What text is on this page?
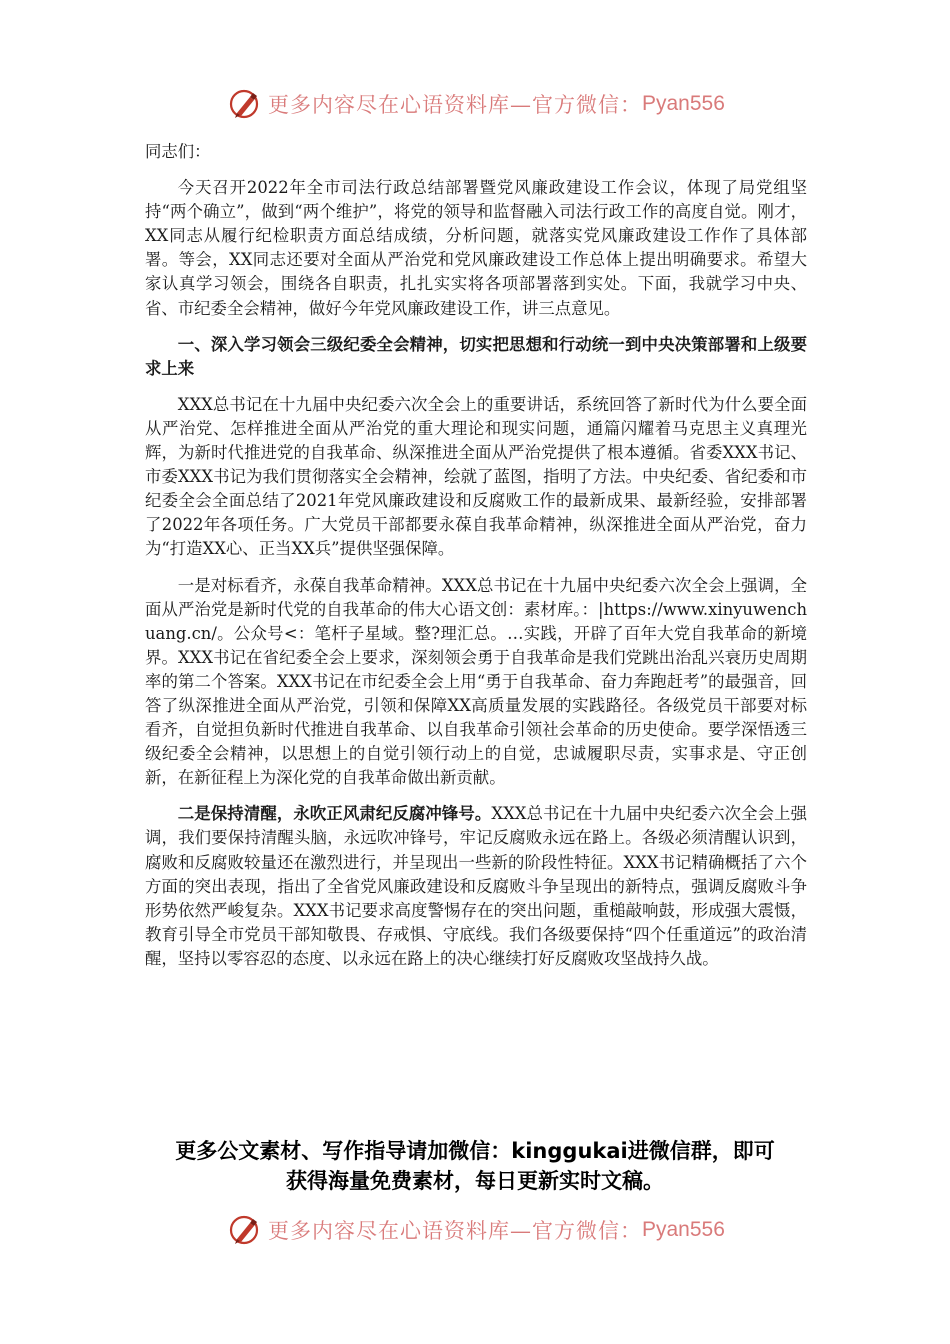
更多内容尽在心语资料库—官方微信： Pyan556

同志们：

今天召开2022年全市司法行政总结部署暨党风廉政建设工作会议，体现了局党组坚持“两个确立”，做到“两个维护”，将党的领导和监督融入司法行政工作的高度自觉。刚才，XX同志从履行纪检职责方面总结成绩，分析问题，就落实党风廉政建设工作作了具体部署。等会，XX同志还要对全面从严治党和党风廉政建设工作总体上提出明确要求。希望大家认真学习领会，围绕各自职责，扎扎实实将各项部署落到实处。下面，我就学习中央、省、市纪委全会精神，做好今年党风廉政建设工作，讲三点意见。

一、深入学习领会三级纪委全会精神，切实把思想和行动统一到中央决策部署和上级要求上来

XXX总书记在十九届中央纪委六次全会上的重要讲话，系统回答了新时代为什么要全面从严治党、怎样推进全面从严治党的重大理论和现实问题，通篇闪耀着马克思主义真理光辉，为新时代推进党的自我革命、纵深推进全面从严治党提供了根本遵循。省委XXX书记、市委XXX书记为我们贯彻落实全会精神，绘就了蓝图，指明了方法。中央纪委、省纪委和市纪委全会全面总结了2021年党风廉政建设和反腐败工作的最新成果、最新经验，安排部署了2022年各项任务。广大党员干部都要永葆自我革命精神，纵深推进全面从严治党，奋力为“打造XX心、正当XX兵”提供坚强保障。

一是对标看齐，永葆自我革命精神。XXX总书记在十九届中央纪委六次全会上强调，全面从严治党是新时代党的自我革命的伟大心语文创：素材库。：|https://www.xinyuwenchuang.cn/。公众号<：笔杆子星域。整?理汇总。…实践，开辟了百年大党自我革命的新境界。XXX书记在省纪委全会上要求，深刻领会勇于自我革命是我们党跳出治乱兴衰历史周期率的第二个答案。XXX书记在市纪委全会上用“勇于自我革命、奋力奔跑赶考”的最强音，回答了纵深推进全面从严治党，引领和保障XX高质量发展的实践路径。各级党员干部要对标看齐，自觉担负新时代推进自我革命、以自我革命引领社会革命的历史使命。要学深悟透三级纪委全会精神，以思想上的自觉引领行动上的自觉，忠诚履职尽责，实事求是、守正创新，在新征程上为深化党的自我革命做出新贡献。

二是保持清醒，永吹正风肃纪反腐冲锋号。XXX总书记在十九届中央纪委六次全会上强调，我们要保持清醒头脑，永远吹冲锋号，牢记反腐败永远在路上。各级必须清醒认识到，腐败和反腐败较量还在激烈进行，并呈现出一些新的阶段性特征。XXX书记精确概括了六个方面的突出表现，指出了全省党风廉政建设和反腐败斗争呈现出的新特点，强调反腐败斗争形势依然严峻复杂。XXX书记要求高度警惕存在的突出问题，重槌敲响鼓，形成强大震慑，教育引导全市党员干部知敬畏、存戒惧、守底线。我们各级要保持“四个任重道远”的政治清醒，坚持以零容忍的态度、以永远在路上的决心继续打好反腐败攻坚战持久战。

更多公文素材、写作指导请加微信：kinggukai进微信群，即可
获得海量免费素材，每日更新实时文稿。
更多内容尽在心语资料库—官方微信： Pyan556
